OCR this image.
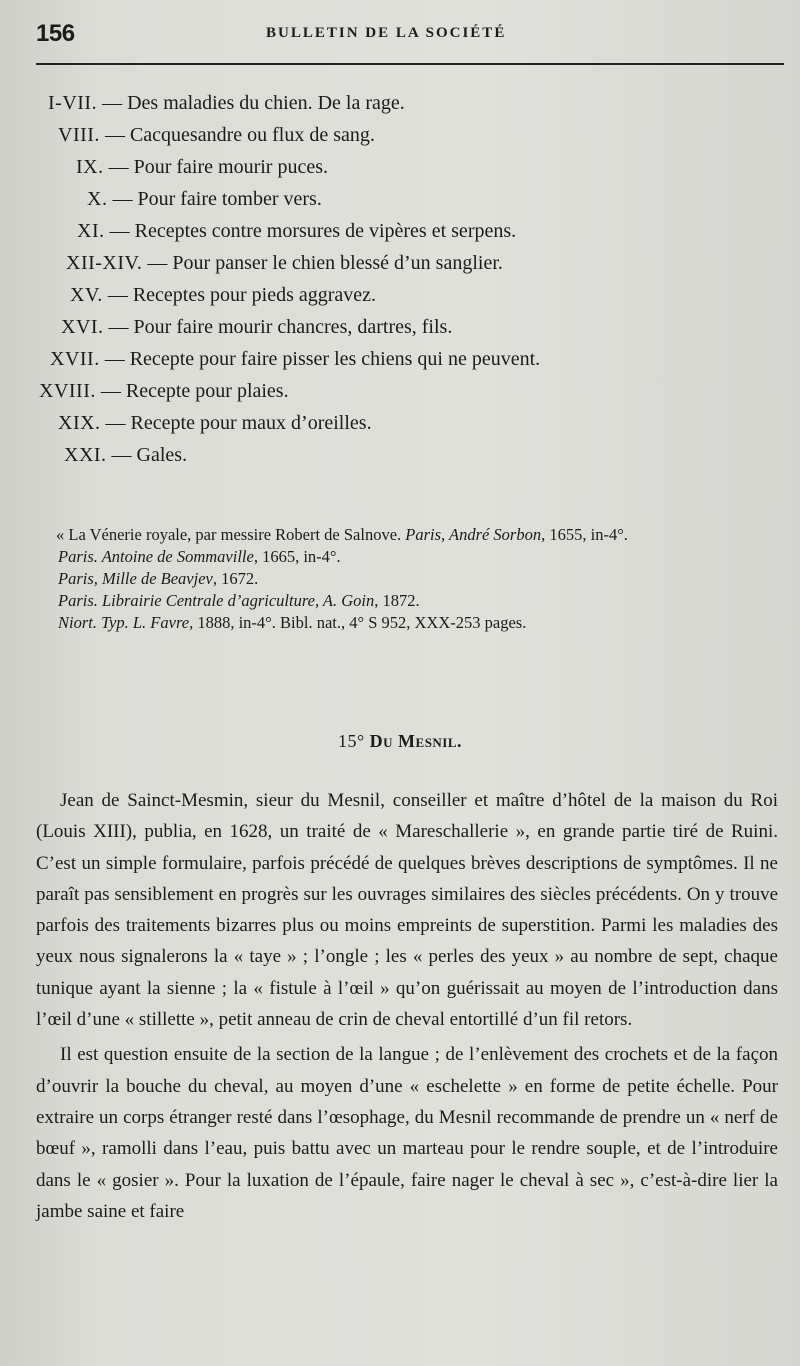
156	BULLETIN DE LA SOCIÉTÉ
I-VII. — Des maladies du chien. De la rage.
VIII. — Cacquesandre ou flux de sang.
IX. — Pour faire mourir puces.
X. — Pour faire tomber vers.
XI. — Receptes contre morsures de vipères et serpens.
XII-XIV. — Pour panser le chien blessé d’un sanglier.
XV. — Receptes pour pieds aggravez.
XVI. — Pour faire mourir chancres, dartres, fils.
XVII. — Recepte pour faire pisser les chiens qui ne peuvent.
XVIII. — Recepte pour plaies.
XIX. — Recepte pour maux d’oreilles.
XXI. — Gales.
« La Vénerie royale, par messire Robert de Salnove. Paris, André Sorbon, 1655, in-4°.
Paris. Antoine de Sommaville, 1665, in-4°.
Paris, Mille de Beavjev, 1672.
Paris. Librairie Centrale d’agriculture, A. Goin, 1872.
Niort. Typ. L. Favre, 1888, in-4°. Bibl. nat., 4° S 952, XXX-253 pages.
15° Du Mesnil.

Jean de Sainct-Mesmin, sieur du Mesnil, conseiller et maître d’hôtel de la maison du Roi (Louis XIII), publia, en 1628, un traité de « Mareschallerie », en grande partie tiré de Ruini. C’est un simple formulaire, parfois précédé de quelques brèves descriptions de symptômes. Il ne paraît pas sensiblement en progrès sur les ouvrages similaires des siècles précédents. On y trouve parfois des traitements bizarres plus ou moins empreints de superstition. Parmi les maladies des yeux nous signalerons la « taye » ; l’ongle ; les « perles des yeux » au nombre de sept, chaque tunique ayant la sienne ; la « fistule à l’œil » qu’on guérissait au moyen de l’introduction dans l’œil d’une « stillette », petit anneau de crin de cheval entortillé d’un fil retors.

Il est question ensuite de la section de la langue ; de l’enlèvement des crochets et de la façon d’ouvrir la bouche du cheval, au moyen d’une « eschelette » en forme de petite échelle. Pour extraire un corps étranger resté dans l’œsophage, du Mesnil recommande de prendre un « nerf de bœuf », ramolli dans l’eau, puis battu avec un marteau pour le rendre souple, et de l’introduire dans le « gosier ». Pour la luxation de l’épaule, faire nager le cheval à sec », c’est-à-dire lier la jambe saine et faire
